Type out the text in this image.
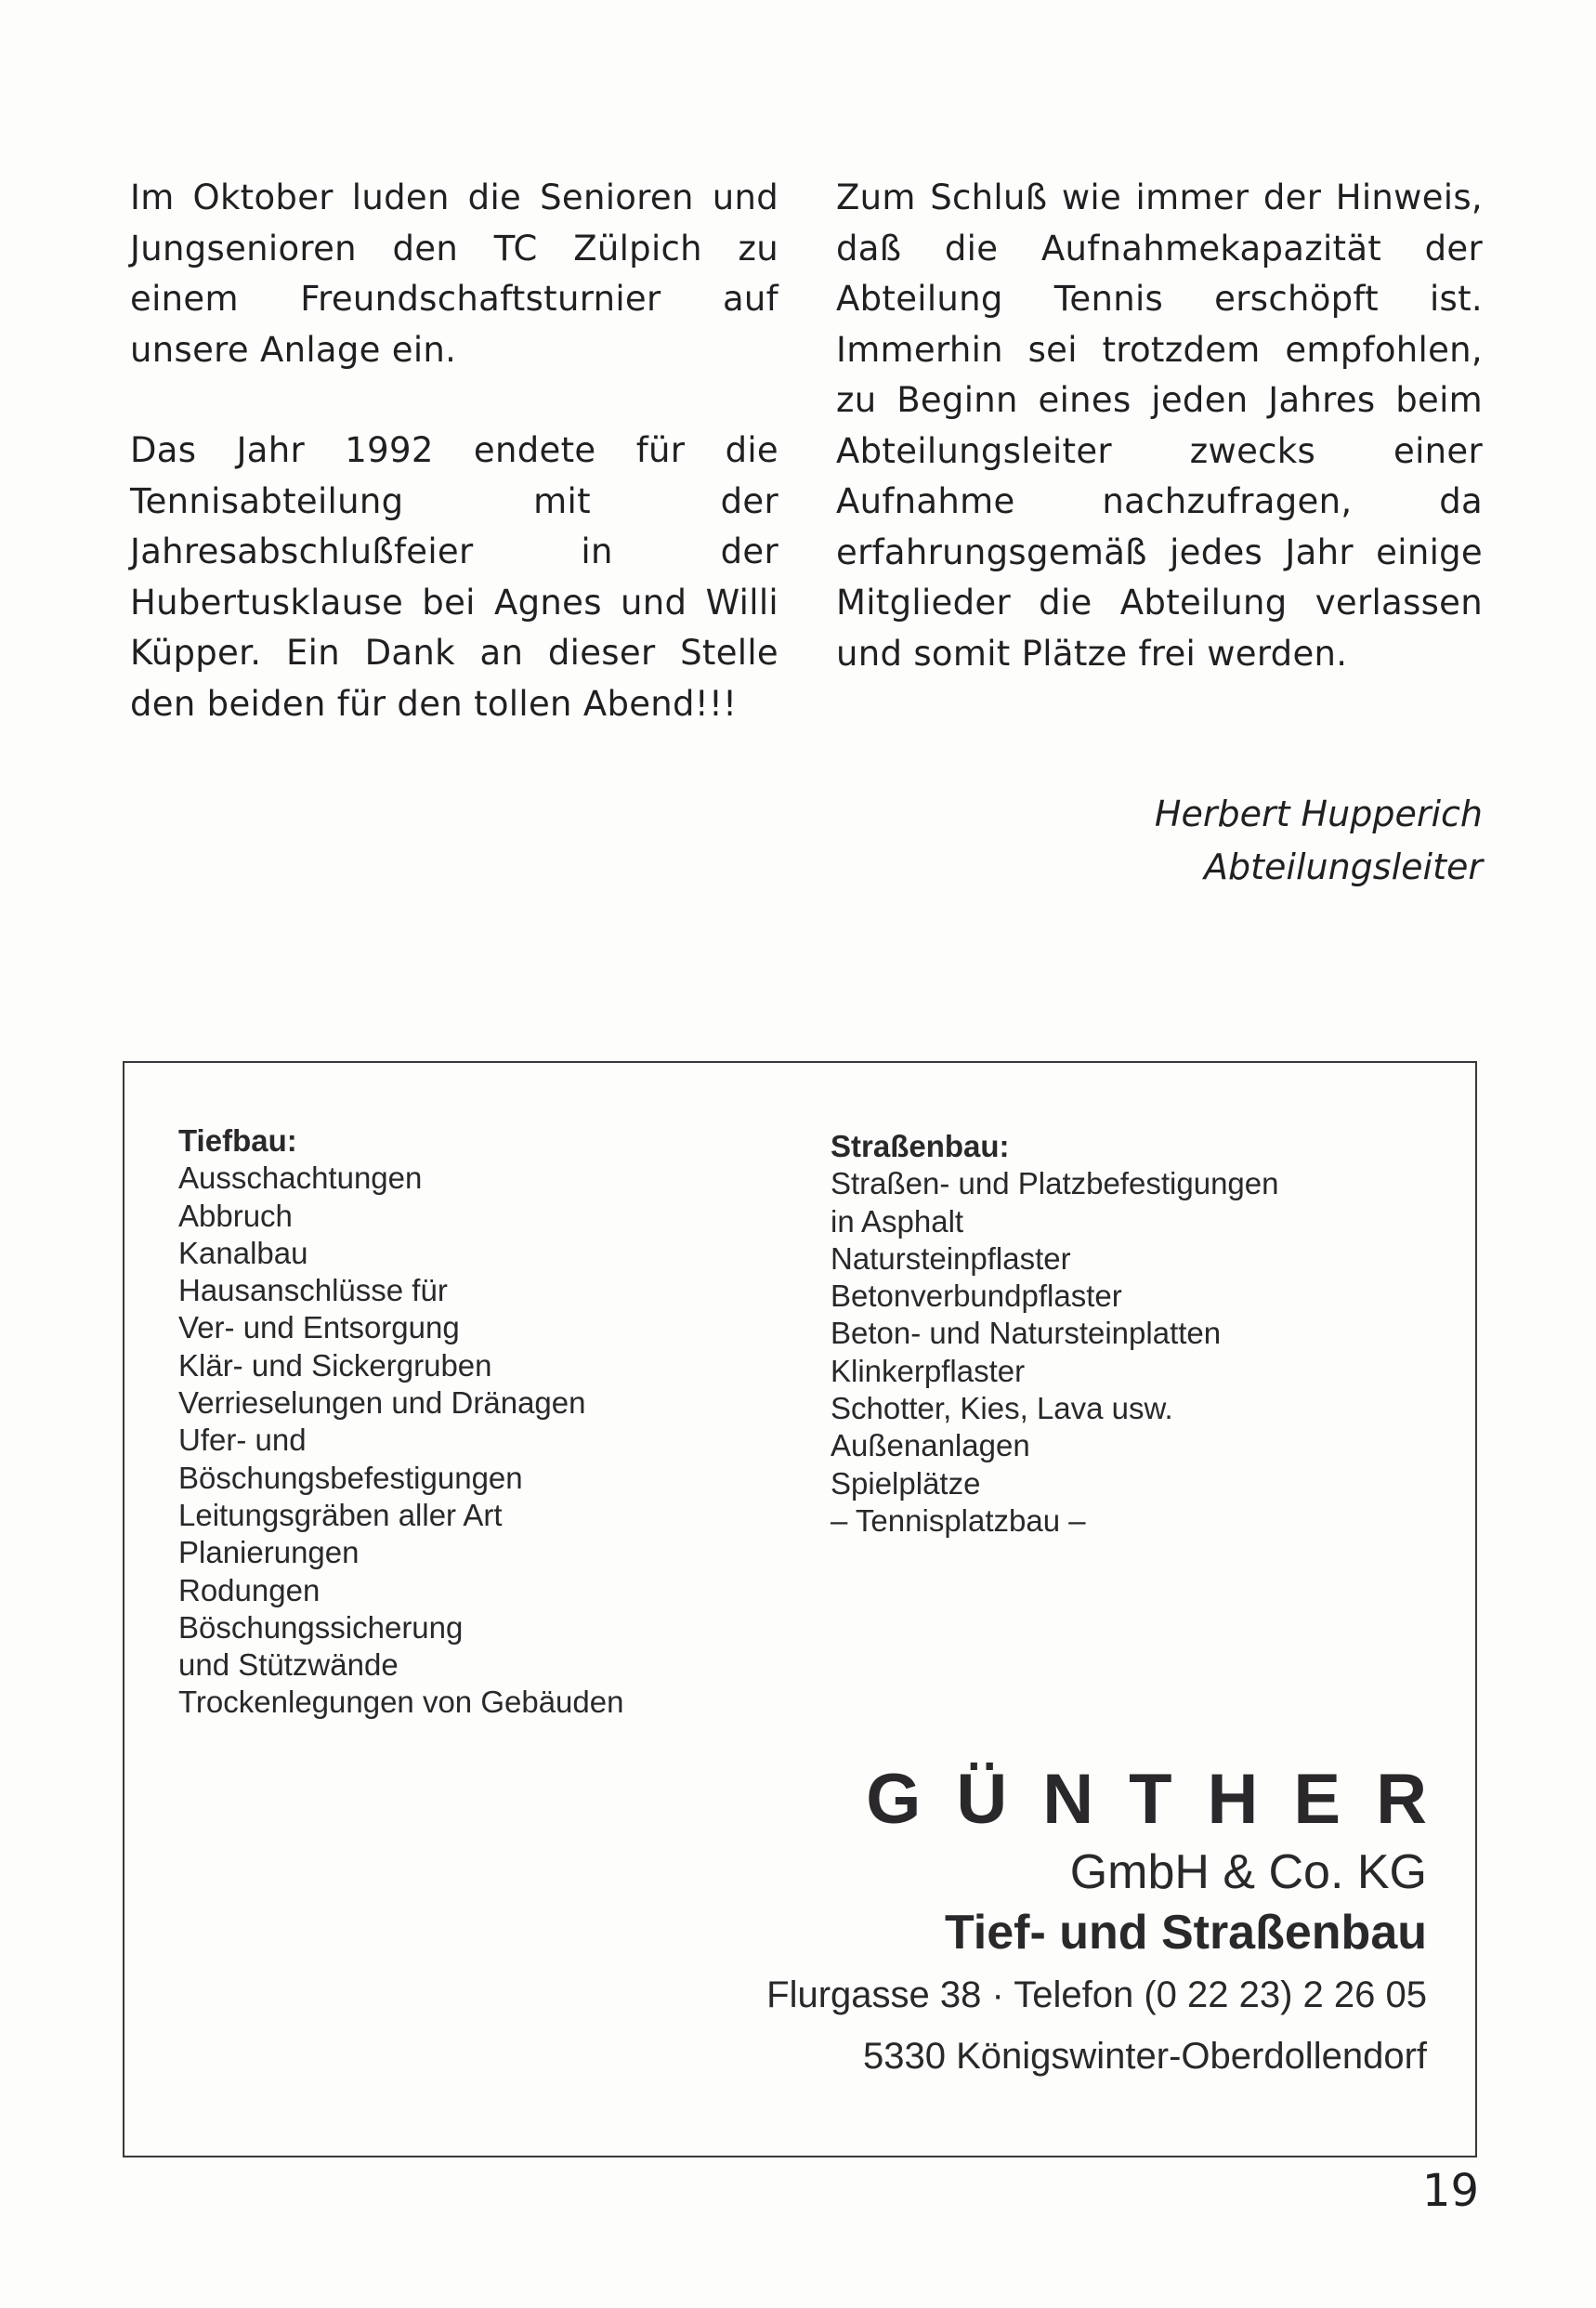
Im Oktober luden die Senioren und Jungsenioren den TC Zülpich zu einem Freundschaftsturnier auf unsere Anlage ein.

Das Jahr 1992 endete für die Tennisabteilung mit der Jahresabschlußfeier in der Hubertusklause bei Agnes und Willi Küpper. Ein Dank an dieser Stelle den beiden für den tollen Abend!!!

Zum Schluß wie immer der Hinweis, daß die Aufnahmekapazität der Abteilung Tennis erschöpft ist. Immerhin sei trotzdem empfohlen, zu Beginn eines jeden Jahres beim Abteilungsleiter zwecks einer Aufnahme nachzufragen, da erfahrungsgemäß jedes Jahr einige Mitglieder die Abteilung verlassen und somit Plätze frei werden.

Herbert Hupperich
Abteilungsleiter
Tiefbau:
Ausschachtungen
Abbruch
Kanalbau
Hausanschlüsse für
Ver- und Entsorgung
Klär- und Sickergruben
Verrieselungen und Dränagen
Ufer- und
Böschungsbefestigungen
Leitungsgräben aller Art
Planierungen
Rodungen
Böschungssicherung
und Stützwände
Trockenlegungen von Gebäuden
Straßenbau:
Straßen- und Platzbefestigungen
in Asphalt
Natursteinpflaster
Betonverbundpflaster
Beton- und Natursteinplatten
Klinkerpflaster
Schotter, Kies, Lava usw.
Außenanlagen
Spielplätze
– Tennisplatzbau –
GÜNTHER
GmbH & Co. KG
Tief- und Straßenbau
Flurgasse 38 · Telefon (0 22 23) 2 26 05
5330 Königswinter-Oberdollendorf
19
